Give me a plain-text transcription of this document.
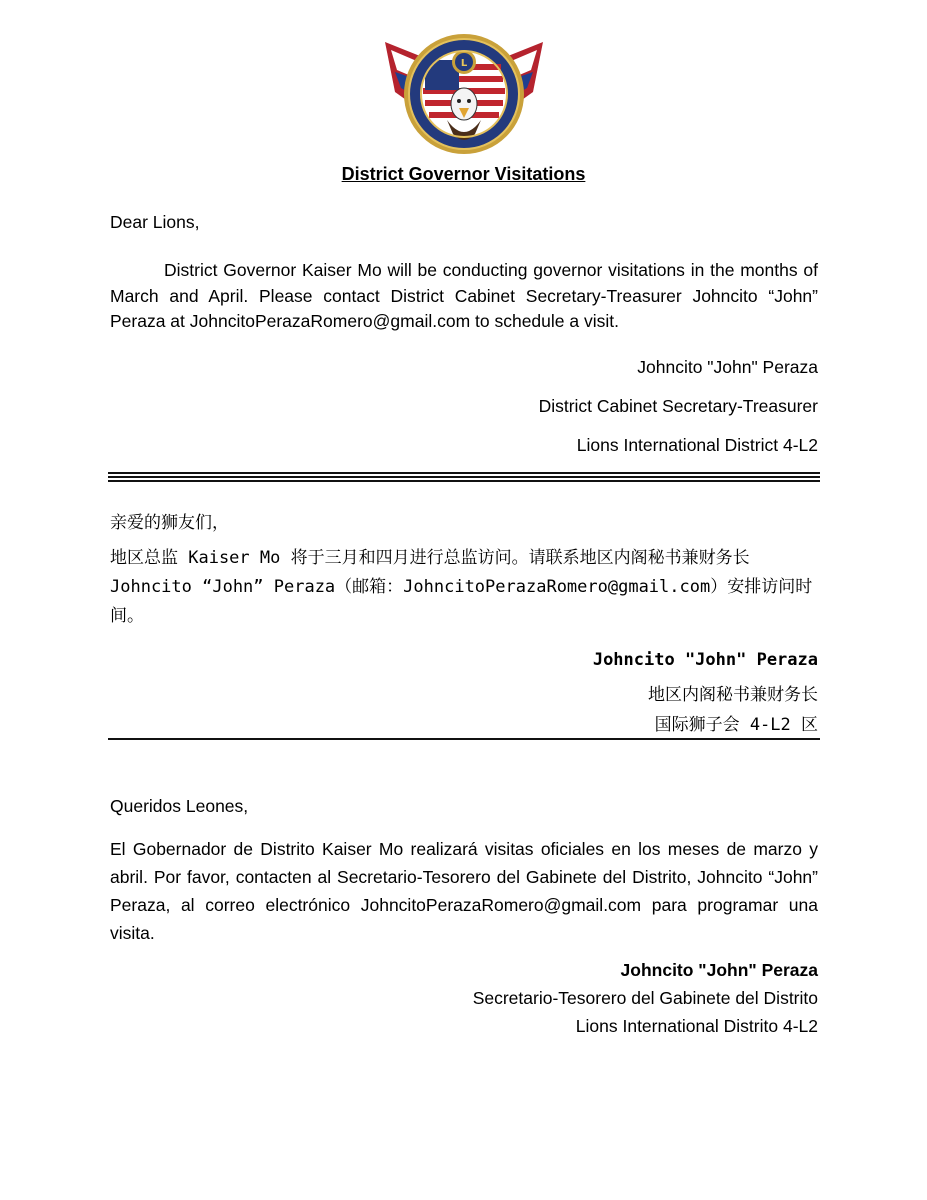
L
District Governor Visitations
Dear Lions,
District Governor Kaiser Mo will be conducting governor visitations in the months of March and April. Please contact District Cabinet Secretary-Treasurer Johncito “John” Peraza at JohncitoPerazaRomero@gmail.com to schedule a visit.
Johncito "John" Peraza
District Cabinet Secretary-Treasurer
Lions International District 4-L2
亲爱的狮友们，
地区总监 Kaiser Mo 将于三月和四月进行总监访问。请联系地区内阁秘书兼财务长 Johncito “John” Peraza（邮箱：JohncitoPerazaRomero@gmail.com）安排访问时间。
Johncito "John" Peraza
地区内阁秘书兼财务长
国际狮子会 4-L2 区
Queridos Leones,
El Gobernador de Distrito Kaiser Mo realizará visitas oficiales en los meses de marzo y abril. Por favor, contacten al Secretario-Tesorero del Gabinete del Distrito, Johncito “John” Peraza, al correo electrónico JohncitoPerazaRomero@gmail.com para programar una visita.
Johncito "John" Peraza
Secretario-Tesorero del Gabinete del Distrito
Lions International Distrito 4-L2
